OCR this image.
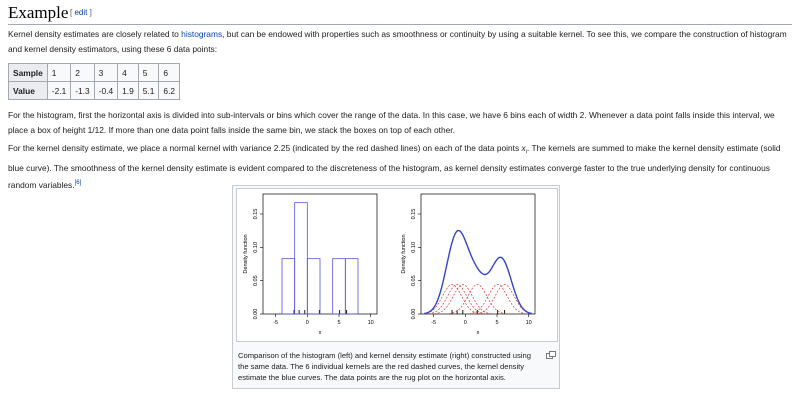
Example [ edit ]

Kernel density estimates are closely related to histograms, but can be endowed with properties such as smoothness or continuity by using a suitable kernel. To see this, we compare the construction of histogram and kernel density estimators, using these 6 data points:

Sample	1	2	3	4	5	6
Value	-2.1	-1.3	-0.4	1.9	5.1	6.2

For the histogram, first the horizontal axis is divided into sub-intervals or bins which cover the range of the data. In this case, we have 6 bins each of width 2. Whenever a data point falls inside this interval, we place a box of height 1/12. If more than one data point falls inside the same bin, we stack the boxes on top of each other.

For the kernel density estimate, we place a normal kernel with variance 2.25 (indicated by the red dashed lines) on each of the data points $x_i$. The kernels are summed to make the kernel density estimate (solid blue curve). The smoothness of the kernel density estimate is evident compared to the discreteness of the histogram, as kernel density estimates converge faster to the true underlying density for continuous random variables.[6]

0.00
0.05
0.10
0.15
-5	0	5	10
x
Density function
0.00
0.05
0.10
0.15
-5	0	5	10
x
Density function
Comparison of the histogram (left) and kernel density estimate (right) constructed using the same data. The 6 individual kernels are the red dashed curves, the kernel density estimate the blue curves. The data points are the rug plot on the horizontal axis.
